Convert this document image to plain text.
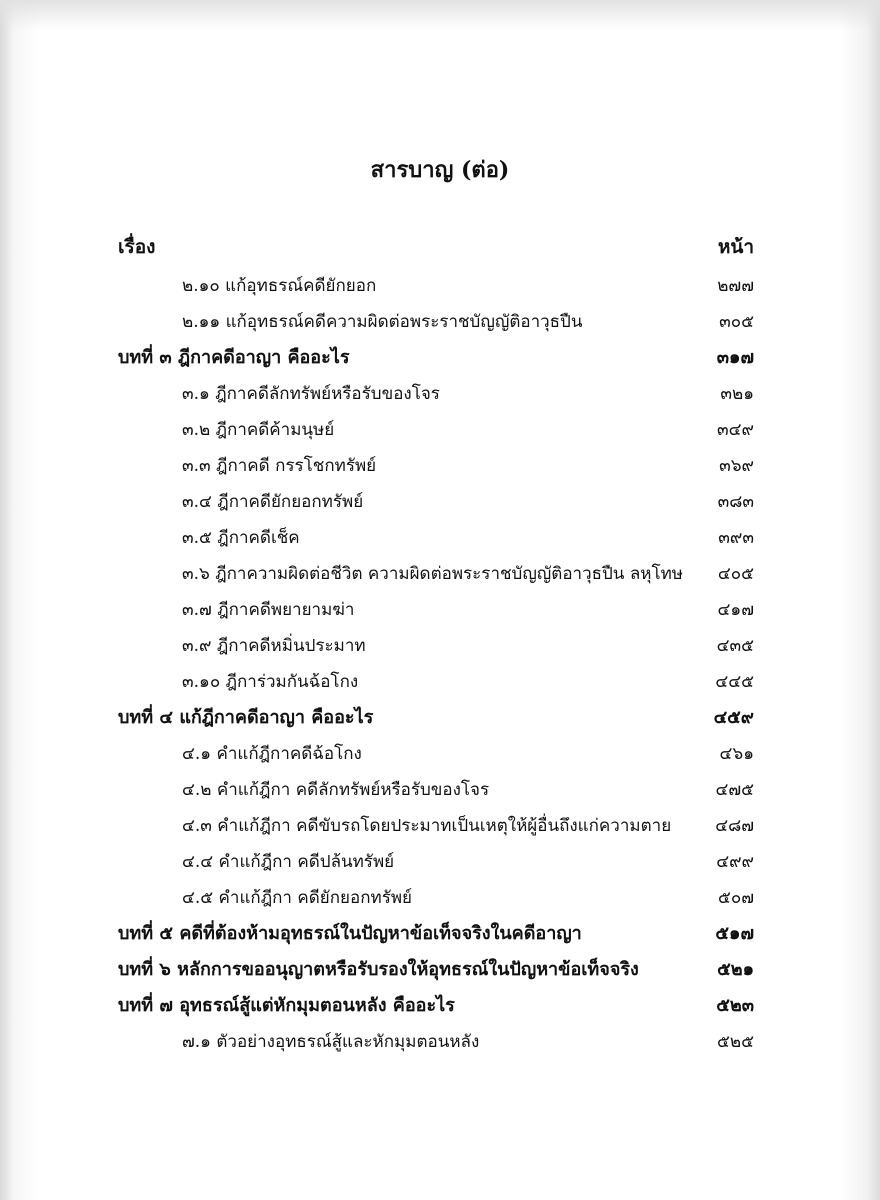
สารบาญ (ต่อ)
เรื่อง	หน้า
๒.๑๐ แก้อุทธรณ์คดียักยอก	๒๗๗
๒.๑๑ แก้อุทธรณ์คดีความผิดต่อพระราชบัญญัติอาวุธปืน	๓๐๕
บทที่ ๓ ฎีกาคดีอาญา คืออะไร	๓๑๗
๓.๑ ฎีกาคดีลักทรัพย์หรือรับของโจร	๓๒๑
๓.๒ ฎีกาคดีค้ามนุษย์	๓๔๙
๓.๓ ฎีกาคดี กรรโชกทรัพย์	๓๖๙
๓.๔ ฎีกาคดียักยอกทรัพย์	๓๘๓
๓.๕ ฎีกาคดีเช็ค	๓๙๓
๓.๖ ฎีกาความผิดต่อชีวิต ความผิดต่อพระราชบัญญัติอาวุธปืน ลหุโทษ ๔๐๕
๓.๗ ฎีกาคดีพยายามฆ่า	๔๑๗
๓.๙ ฎีกาคดีหมิ่นประมาท	๔๓๕
๓.๑๐ ฎีการ่วมกันฉ้อโกง	๔๔๕
บทที่ ๔ แก้ฎีกาคดีอาญา คืออะไร	๔๕๙
๔.๑ คำแก้ฎีกาคดีฉ้อโกง	๔๖๑
๔.๒ คำแก้ฎีกา คดีลักทรัพย์หรือรับของโจร	๔๗๕
๔.๓ คำแก้ฎีกา คดีขับรถโดยประมาทเป็นเหตุให้ผู้อื่นถึงแก่ความตาย	๔๘๗
๔.๔ คำแก้ฎีกา คดีปล้นทรัพย์	๔๙๙
๔.๕ คำแก้ฎีกา คดียักยอกทรัพย์	๕๐๗
บทที่ ๕ คดีที่ต้องห้ามอุทธรณ์ในปัญหาข้อเท็จจริงในคดีอาญา	๕๑๗
บทที่ ๖ หลักการขออนุญาตหรือรับรองให้อุทธรณ์ในปัญหาข้อเท็จจริง	๕๒๑
บทที่ ๗ อุทธรณ์สู้แต่หักมุมตอนหลัง คืออะไร	๕๒๓
๗.๑ ตัวอย่างอุทธรณ์สู้และหักมุมตอนหลัง	๕๒๕
